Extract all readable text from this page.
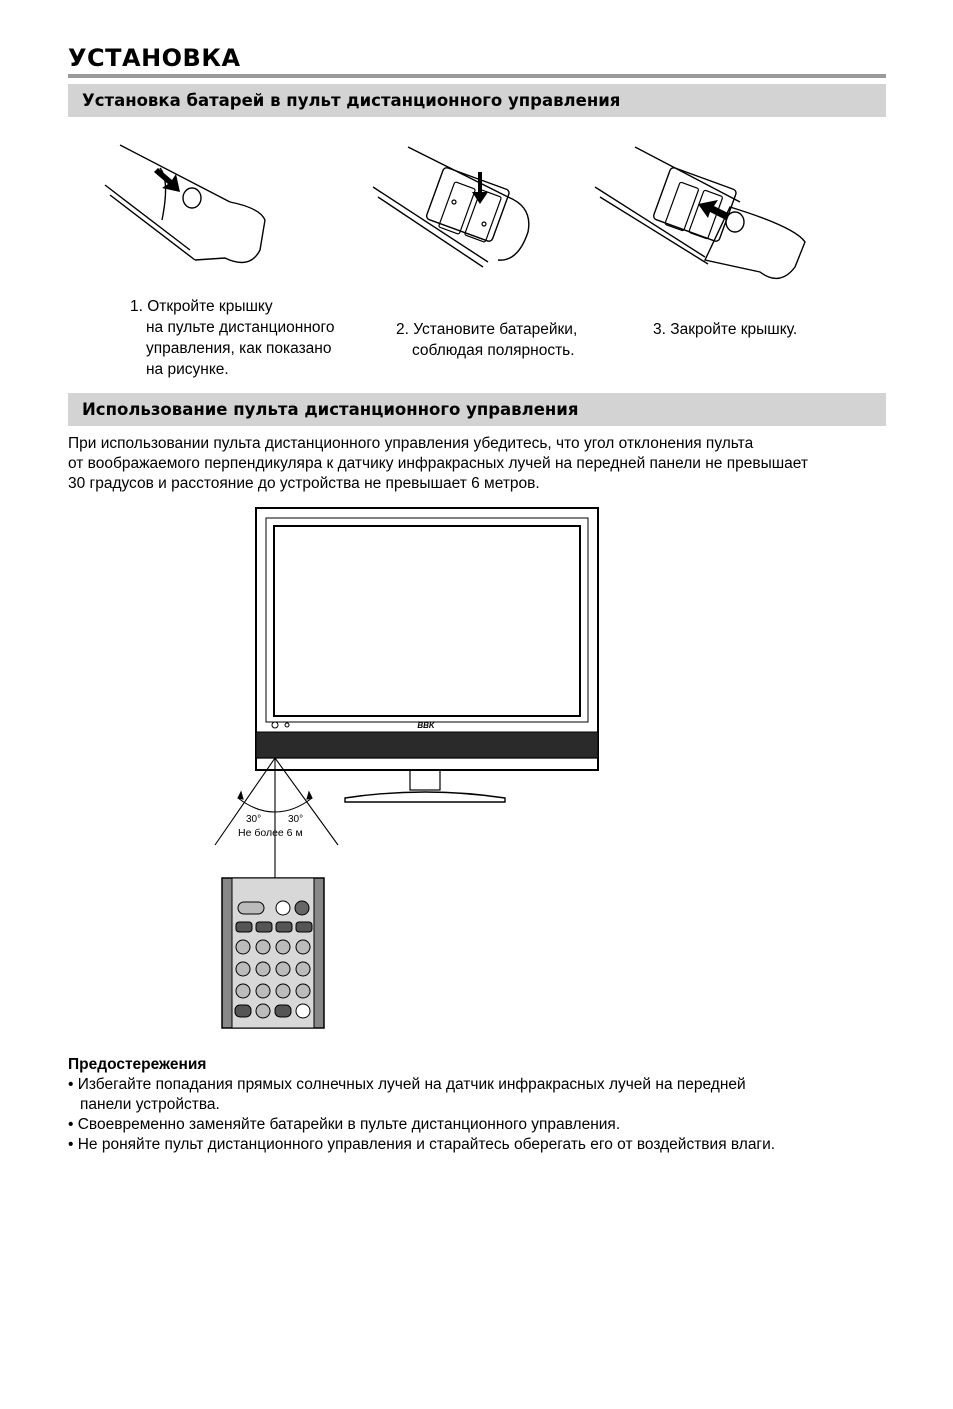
УСТАНОВКА
Установка батарей в пульт дистанционного управления
1. Откройте крышку
на пульте дистанционного
управления, как показано
на рисунке.
2. Установите батарейки,
соблюдая полярность.
3. Закройте крышку.
Использование пульта дистанционного управления
При использовании пульта дистанционного управления убедитесь, что угол отклонения пульта
от воображаемого перпендикуляра к датчику инфракрасных лучей на передней панели не превышает
30 градусов и расстояние до устройства не превышает 6 метров.
BBK
30°	30°
Не более 6 м
Предостережения
• Избегайте попадания прямых солнечных лучей на датчик инфракрасных лучей на передней
панели устройства.
• Своевременно заменяйте батарейки в пульте дистанционного управления.
• Не роняйте пульт дистанционного управления и старайтесь оберегать его от воздействия влаги.
